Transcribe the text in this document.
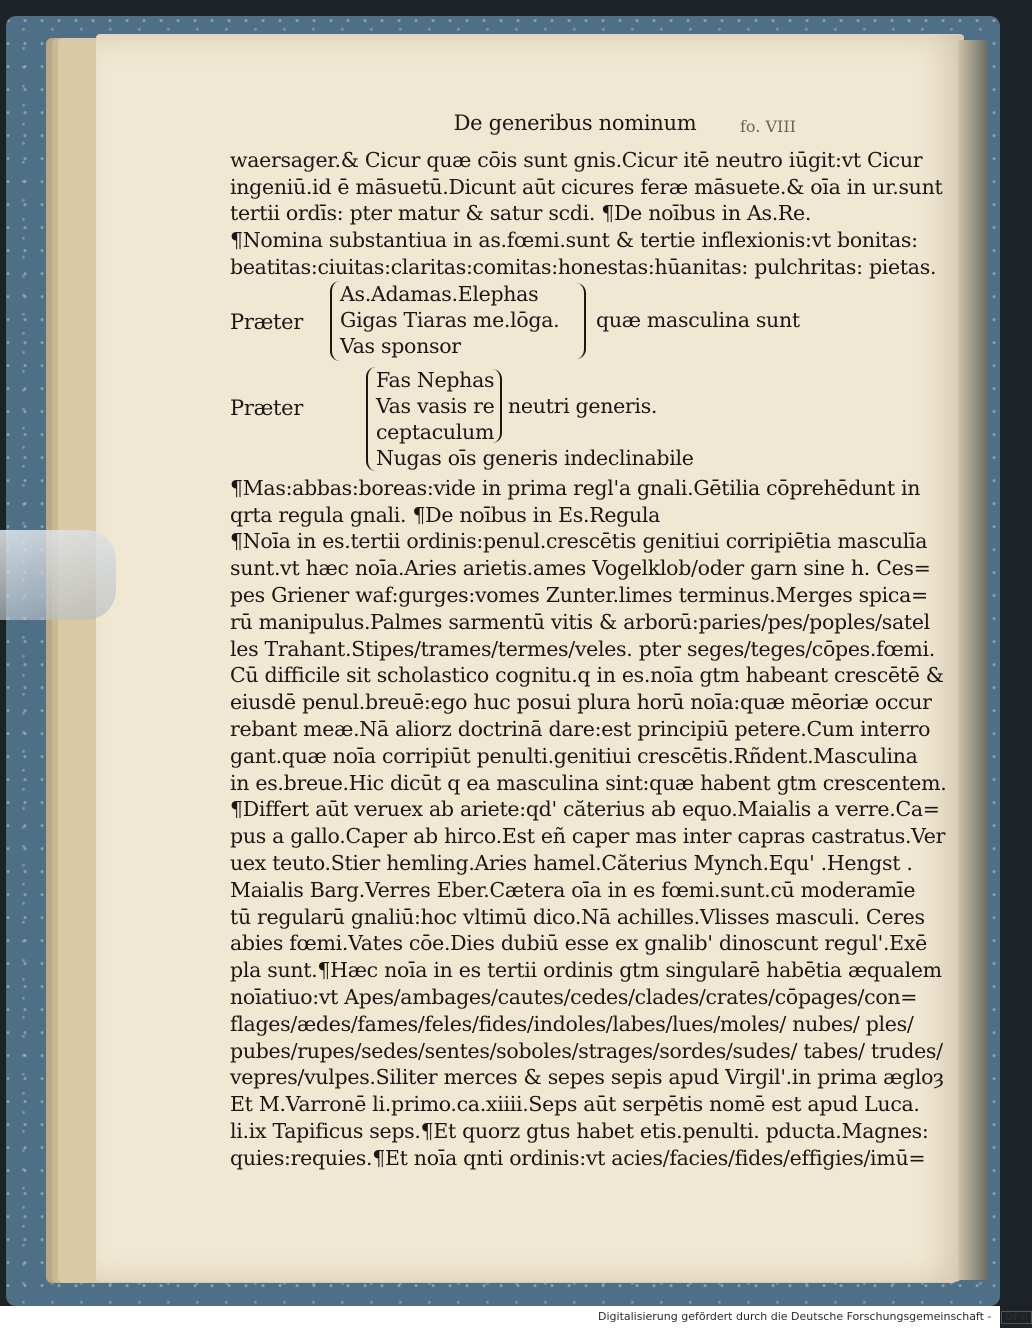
fo. VIII
De generibus nominum
waersager.& Cicur quæ cōis sunt gnis.Cicur itē neutro iūgit:vt Cicur
ingeniū.id ē māsuetū.Dicunt aūt cicures feræ māsuete.& oīa in ur.sunt
tertii ordīs: pter matur & satur scdi. ¶De noībus in As.Re.
¶Nomina substantiua in as.fœmi.sunt & tertie inflexionis:vt bonitas:
beatitas:ciuitas:claritas:comitas:honestas:hūanitas: pulchritas: pietas.
Præter
As.Adamas.Elephas
Gigas Tiaras me.lōga.
Vas sponsor
quæ masculina sunt
Præter
Fas Nephas
Vas vasis re
ceptaculum
Nugas oīs generis indeclinabile
neutri generis.
¶Mas:abbas:boreas:vide in prima regl'a gnali.Gētilia cōprehēdunt in
qrta regula gnali. ¶De noībus in Es.Regula
¶Noīa in es.tertii ordinis:penul.crescētis genitiui corripiētia masculīa
sunt.vt hæc noīa.Aries arietis.ames Vogelklob/oder garn sine h. Ces=
pes Griener waf:gurges:vomes Zunter.limes terminus.Merges spica=
rū manipulus.Palmes sarmentū vitis & arborū:paries/pes/poples/satel
les Trahant.Stipes/trames/termes/veles. pter seges/teges/cōpes.fœmi.
Cū difficile sit scholastico cognitu.q in es.noīa gtm habeant crescētē &
eiusdē penul.breuē:ego huc posui plura horū noīa:quæ mēoriæ occur
rebant meæ.Nā aliorz doctrinā dare:est principiū petere.Cum interro
gant.quæ noīa corripiūt penulti.genitiui crescētis.Rñdent.Masculina
in es.breue.Hic dicūt q ea masculina sint:quæ habent gtm crescentem.
¶Differt aūt veruex ab ariete:qd' căterius ab equo.Maialis a verre.Ca=
pus a gallo.Caper ab hirco.Est eñ caper mas inter capras castratus.Ver
uex teuto.Stier hemling.Aries hamel.Căterius Mynch.Equ' .Hengst .
Maialis Barg.Verres Eber.Cætera oīa in es fœmi.sunt.cū moderamīe
tū regularū gnaliū:hoc vltimū dico.Nā achilles.Vlisses masculi. Ceres
abies fœmi.Vates cōe.Dies dubiū esse ex gnalib' dinoscunt regul'.Exē
pla sunt.¶Hæc noīa in es tertii ordinis gtm singularē habētia æqualem
noīatiuo:vt Apes/ambages/cautes/cedes/clades/crates/cōpages/con=
flages/ædes/fames/feles/fides/indoles/labes/lues/moles/ nubes/ ples/
pubes/rupes/sedes/sentes/soboles/strages/sordes/sudes/ tabes/ trudes/
vepres/vulpes.Siliter merces & sepes sepis apud Virgil'.in prima ægloȝ
Et M.Varronē li.primo.ca.xiiii.Seps aūt serpētis nomē est apud Luca.
li.ix Tapificus seps.¶Et quorz gtus habet etis.penulti. pducta.Magnes:
quies:requies.¶Et noīa qnti ordinis:vt acies/facies/fides/effigies/imū=
Digitalisierung gefördert durch die Deutsche Forschungsgemeinschaft - DFG
